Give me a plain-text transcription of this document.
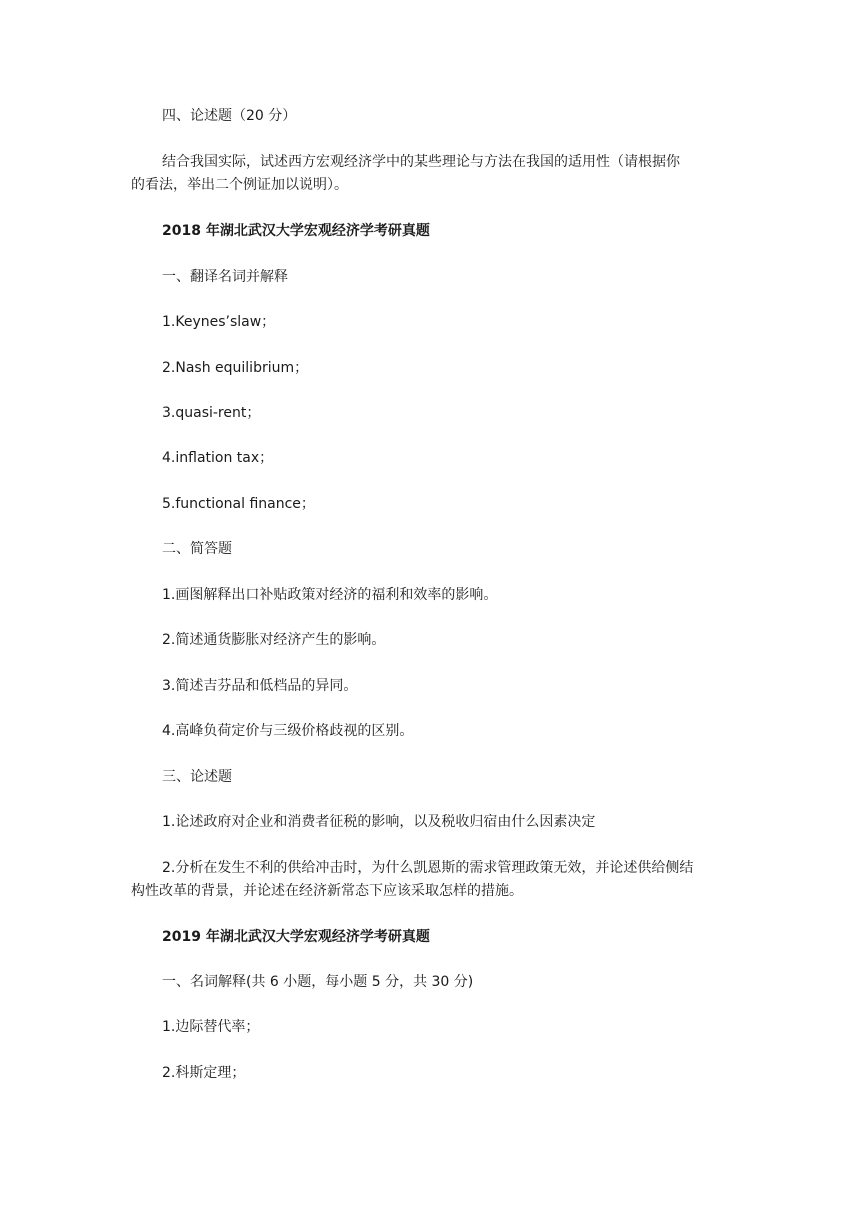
四、论述题（20 分）
结合我国实际，试述西方宏观经济学中的某些理论与方法在我国的适用性（请根据你
的看法，举出二个例证加以说明）。
2018 年湖北武汉大学宏观经济学考研真题
一、翻译名词并解释
1.Keynes’slaw；
2.Nash equilibrium；
3.quasi-rent；
4.inflation tax；
5.functional finance；
二、简答题
1.画图解释出口补贴政策对经济的福利和效率的影响。
2.简述通货膨胀对经济产生的影响。
3.简述吉芬品和低档品的异同。
4.高峰负荷定价与三级价格歧视的区别。
三、论述题
1.论述政府对企业和消费者征税的影响，以及税收归宿由什么因素决定
2.分析在发生不利的供给冲击时，为什么凯恩斯的需求管理政策无效，并论述供给侧结
构性改革的背景，并论述在经济新常态下应该采取怎样的措施。
2019 年湖北武汉大学宏观经济学考研真题
一、名词解释(共 6 小题，每小题 5 分，共 30 分)
1.边际替代率；
2.科斯定理；
